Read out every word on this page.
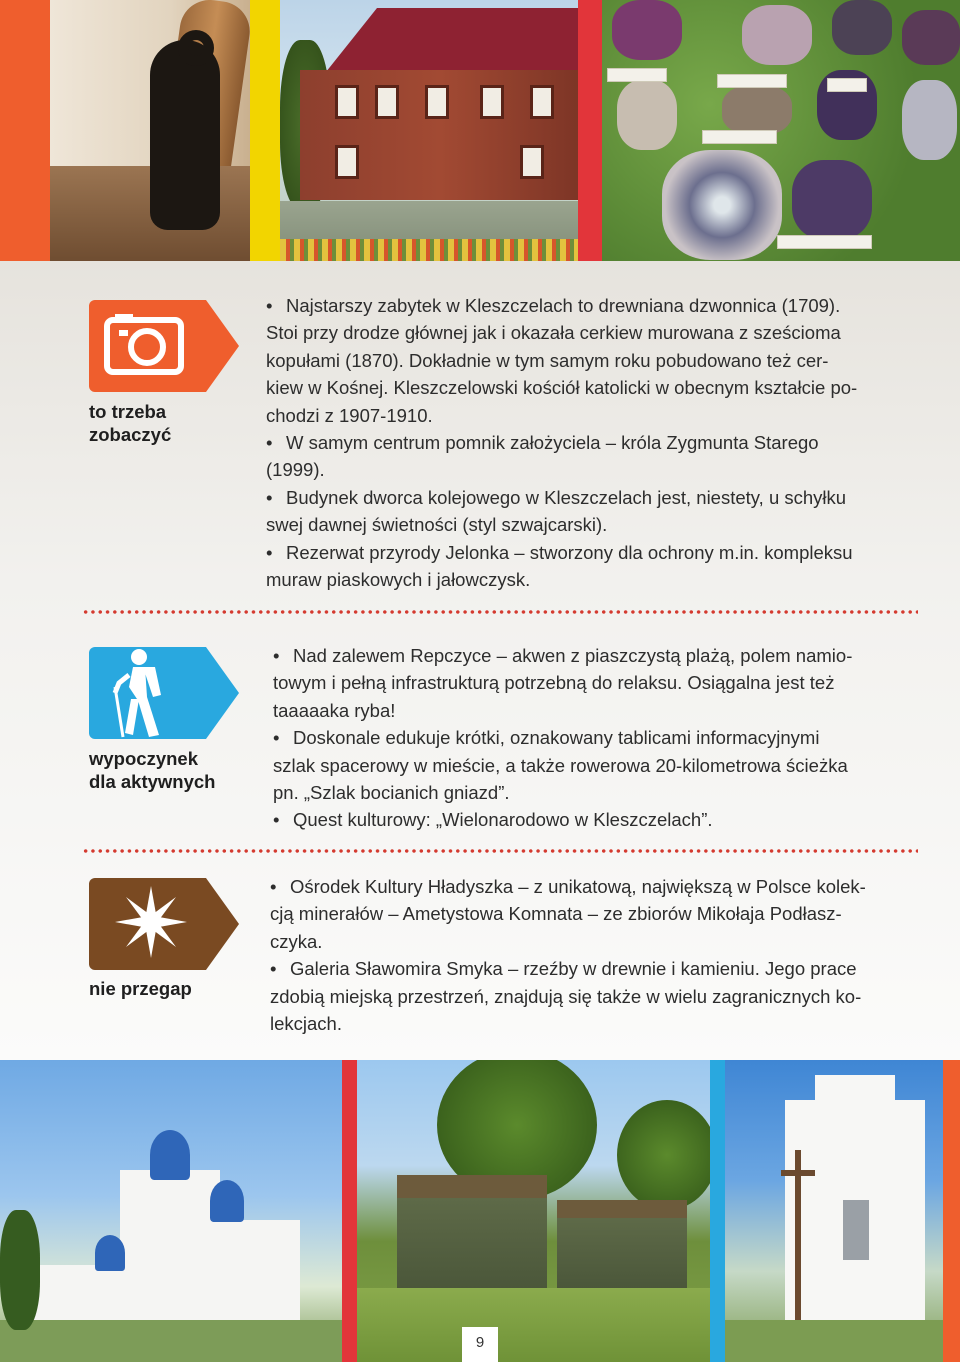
to trzeba
zobaczyć
• Najstarszy zabytek w Kleszczelach to drewniana dzwonnica (1709).
Stoi przy drodze głównej jak i okazała cerkiew murowana z sześcioma
kopułami (1870). Dokładnie w tym samym roku pobudowano też cer-
kiew w Kośnej. Kleszczelowski kościół katolicki w obecnym kształcie po-
chodzi z 1907-1910.
• W samym centrum pomnik założyciela – króla Zygmunta Starego
(1999).
• Budynek dworca kolejowego w Kleszczelach jest, niestety, u schyłku
swej dawnej świetności (styl szwajcarski).
• Rezerwat przyrody Jelonka – stworzony dla ochrony m.in. kompleksu
muraw piaskowych i jałowczysk.
wypoczynek
dla aktywnych
• Nad zalewem Repczyce – akwen z piaszczystą plażą, polem namio-
towym i pełną infrastrukturą potrzebną do relaksu. Osiągalna jest też
taaaaaka ryba!
• Doskonale edukuje krótki, oznakowany tablicami informacyjnymi
szlak spacerowy w mieście, a także rowerowa 20-kilometrowa ścieżka
pn. „Szlak bocianich gniazd”.
• Quest kulturowy: „Wielonarodowo w Kleszczelach”.
nie przegap
• Ośrodek Kultury Hładyszka – z unikatową, największą w Polsce kolek-
cją minerałów – Ametystowa Komnata – ze zbiorów Mikołaja Podłasz-
czyka.
• Galeria Sławomira Smyka – rzeźby w drewnie i kamieniu. Jego prace
zdobią miejską przestrzeń, znajdują się także w wielu zagranicznych ko-
lekcjach.
9
